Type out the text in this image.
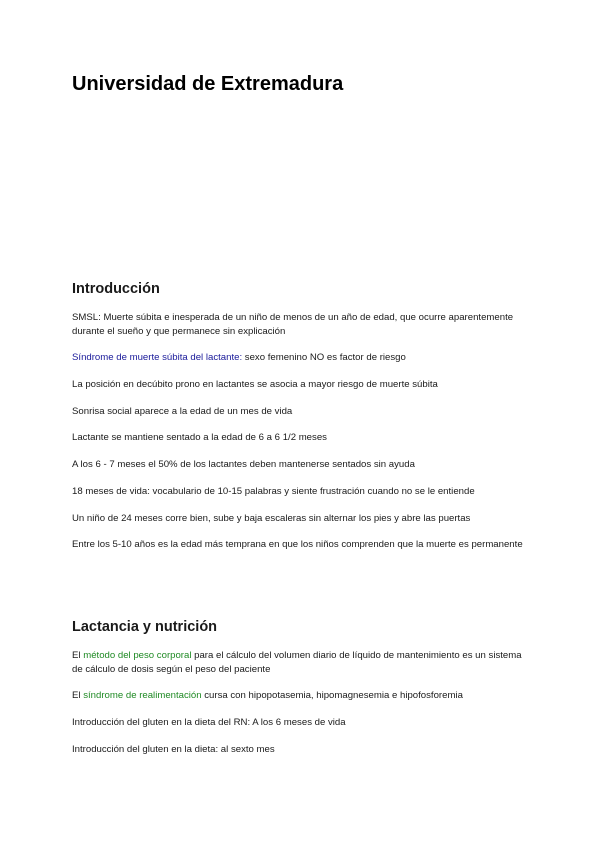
Universidad de Extremadura
Introducción

SMSL: Muerte súbita e inesperada de un niño de menos de un año de edad, que ocurre aparentemente durante el sueño y que permanece sin explicación

Síndrome de muerte súbita del lactante: sexo femenino NO es factor de riesgo

La posición en decúbito prono en lactantes se asocia a mayor riesgo de muerte súbita

Sonrisa social aparece a la edad de un mes de vida

Lactante se mantiene sentado a la edad de 6 a 6 1/2 meses

A los 6 - 7 meses el 50% de los lactantes deben mantenerse sentados sin ayuda

18 meses de vida: vocabulario de 10-15 palabras y siente frustración cuando no se le entiende

Un niño de 24 meses corre bien, sube y baja escaleras sin alternar los pies y abre las puertas

Entre los 5-10 años es la edad más temprana en que los niños comprenden que la muerte es permanente

Lactancia y nutrición

El método del peso corporal para el cálculo del volumen diario de líquido de mantenimiento es un sistema de cálculo de dosis según el peso del paciente

El síndrome de realimentación cursa con hipopotasemia, hipomagnesemia e hipofosforemia

Introducción del gluten en la dieta del RN: A los 6 meses de vida

Introducción del gluten en la dieta: al sexto mes
